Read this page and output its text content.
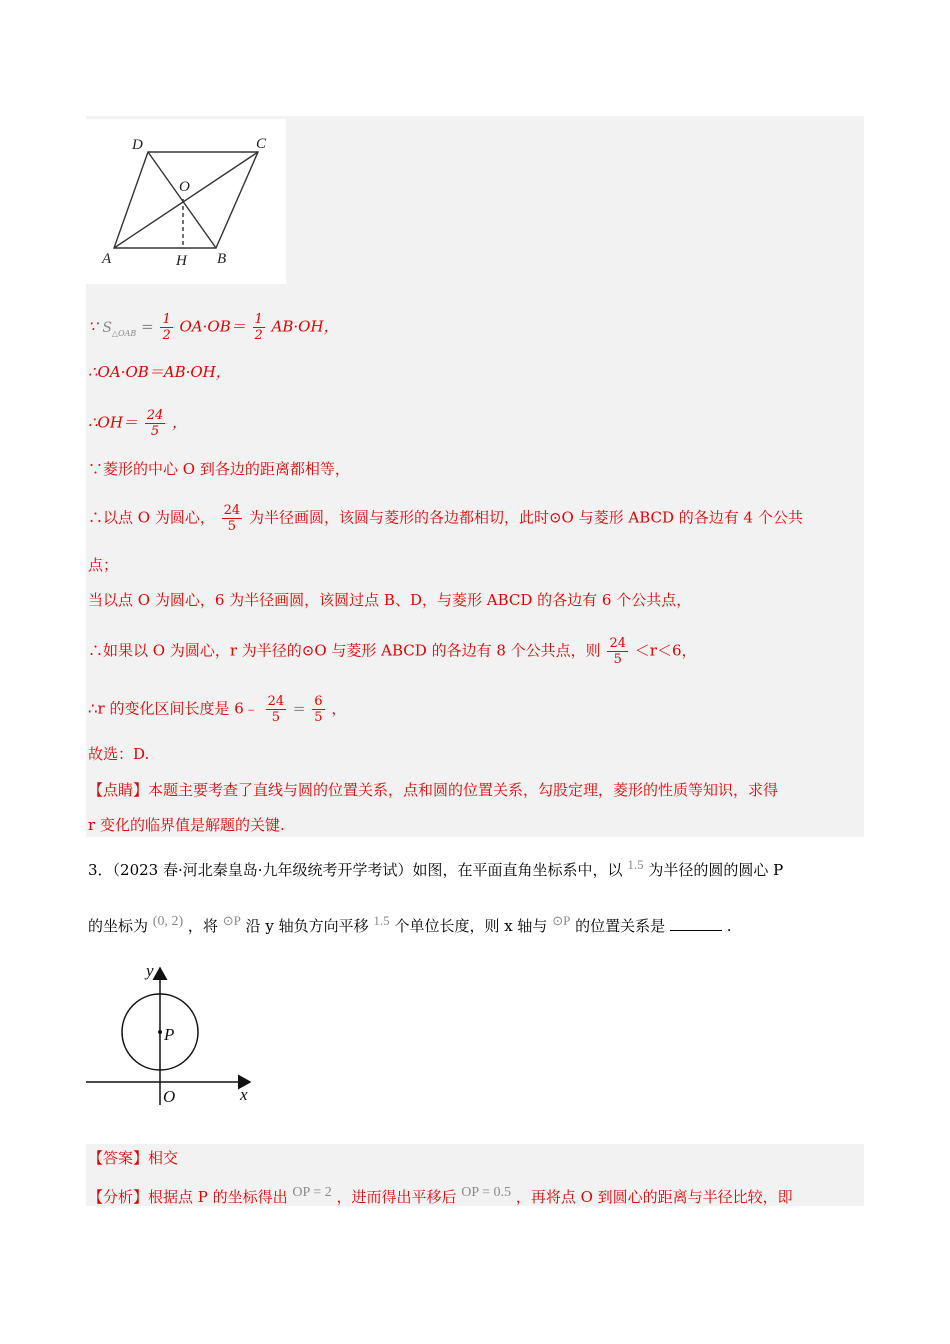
D	C
O
A	H B
∵ $S_{\triangle OAB} = \frac{1}{2} OA\cdot OB= \frac{1}{2} AB\cdot OH$，
∴OA·OB＝AB·OH，
∴OH＝ $\frac{24}{5}$ ，
∵菱形的中心 O 到各边的距离都相等，
∴以点 O 为圆心， $\frac{24}{5}$ 为半径画圆，该圆与菱形的各边都相切，此时⊙O 与菱形 ABCD 的各边有 4 个公共
点；
当以点 O 为圆心，6 为半径画圆，该圆过点 B、D，与菱形 ABCD 的各边有 6 个公共点，
∴如果以 O 为圆心，r 为半径的⊙O 与菱形 ABCD 的各边有 8 个公共点，则 $\frac{24}{5} <r<6$，
∴r 的变化区间长度是 6﹣ $\frac{24}{5} = \frac{6}{5}$ ，
故选：D.
【点睛】本题主要考查了直线与圆的位置关系，点和圆的位置关系，勾股定理，菱形的性质等知识，求得
r 变化的临界值是解题的关键.
3．（2023 春·河北秦皇岛·九年级统考开学考试）如图，在平面直角坐标系中，以 $^{1.5}$ 为半径的圆的圆心 P
的坐标为 $^{(0, 2)}$ ，将 $^{⊙P}$ 沿 y 轴负方向平移 $^{1.5}$ 个单位长度，则 x 轴与 $^{⊙P}$ 的位置关系是	.
y
P
O	x
【答案】相交
【分析】根据点 P 的坐标得出 $^{OP = 2}$ ，进而得出平移后 $^{OP = 0.5}$ ，再将点 O 到圆心的距离与半径比较，即
